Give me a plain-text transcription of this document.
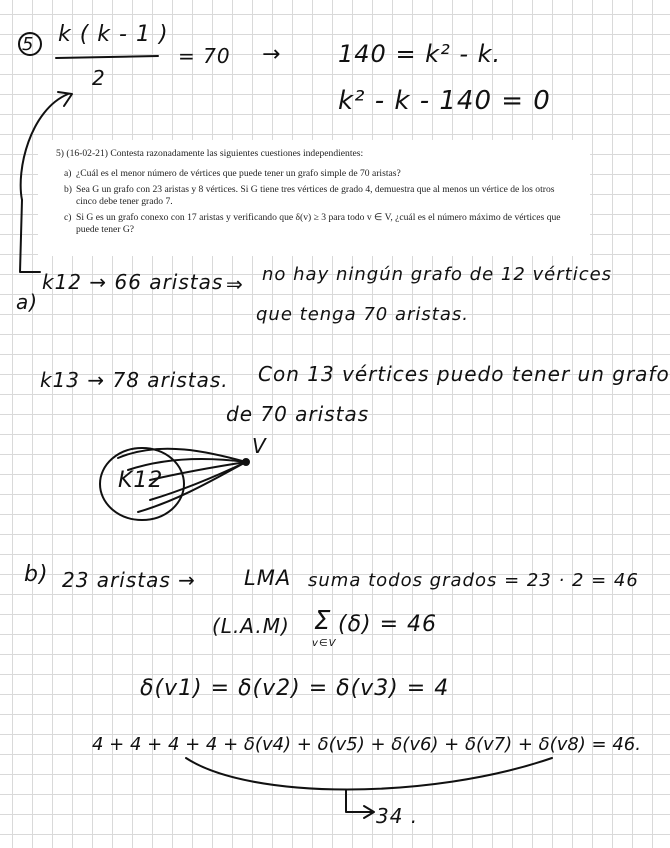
5) (16-02-21) Contesta razonadamente las siguientes cuestiones independientes:
a) ¿Cuál es el menor número de vértices que puede tener un grafo simple de 70 aristas?
b) Sea G un grafo con 23 aristas y 8 vértices. Si G tiene tres vértices de grado 4, demuestra que al menos un vértice de los otros cinco debe tener grado 7.
c) Si G es un grafo conexo con 17 aristas y verificando que δ(v) ≥ 3 para todo v ∈ V, ¿cuál es el número máximo de vértices que puede tener G?
5 k ( k - 1 )
2
= 70 → 140 = k² - k.
k² - k - 140 = 0
a)
k12 → 66 aristas ⇒ no hay ningún grafo de 12 vértices
que tenga 70 aristas.
k13 → 78 aristas. Con 13 vértices puedo tener un grafo
de 70 aristas
K12
V
b) 23 aristas → LMA suma todos grados = 23 · 2 = 46
(L.A.M) Σ
v∈V
(δ) = 46
δ(v1) = δ(v2) = δ(v3) = 4
4 + 4 + 4 + 4 + δ(v4) + δ(v5) + δ(v6) + δ(v7) + δ(v8) = 46.
34 .
